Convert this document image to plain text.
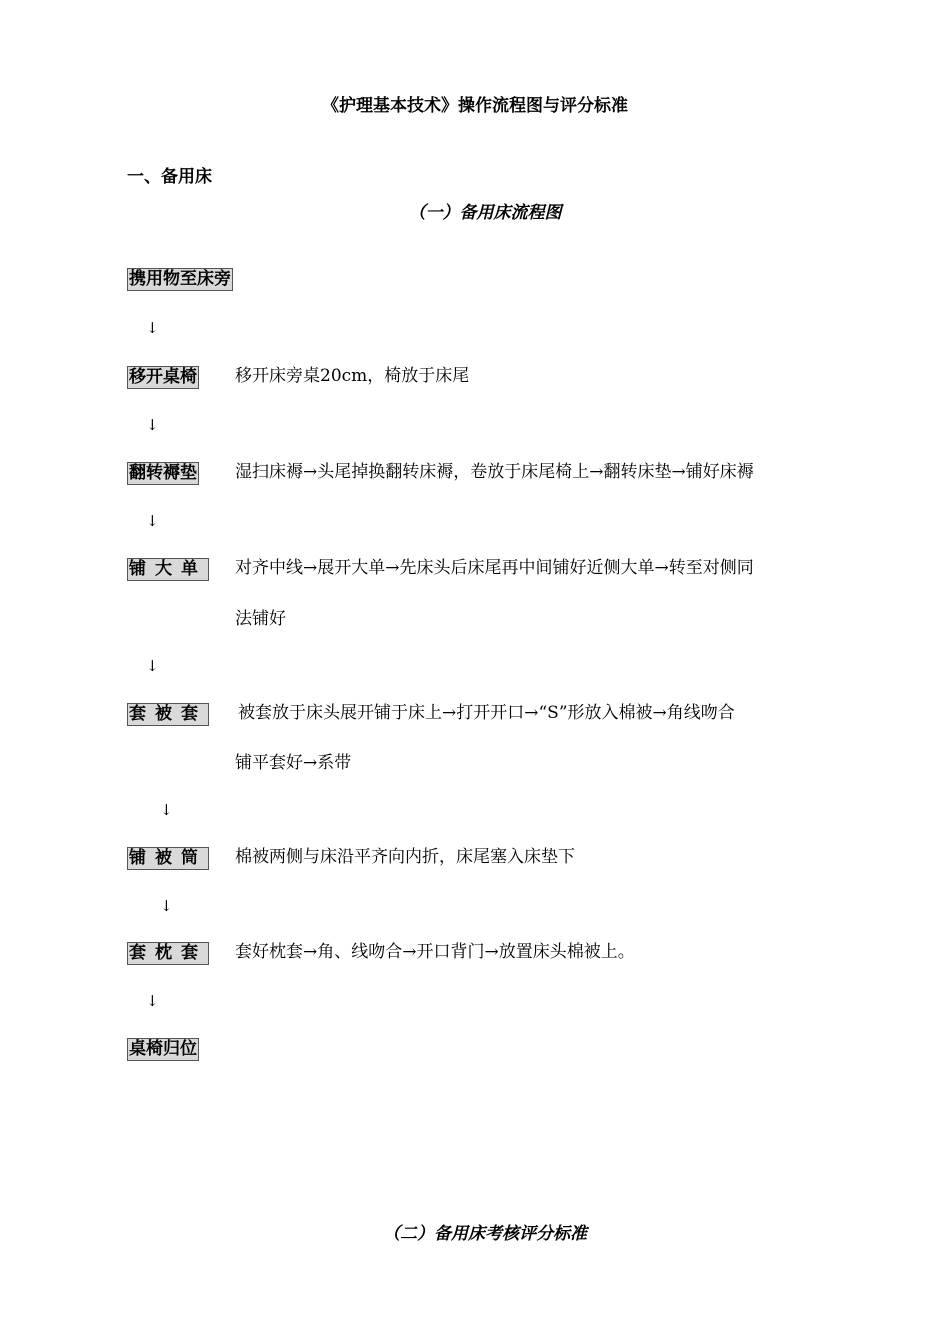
《护理基本技术》操作流程图与评分标准
一、备用床
（一）备用床流程图
携用物至床旁
↓
移开桌椅 移开床旁桌20cm，椅放于床尾
↓
翻转褥垫 湿扫床褥→头尾掉换翻转床褥，卷放于床尾椅上→翻转床垫→铺好床褥
↓
铺大单 对齐中线→展开大单→先床头后床尾再中间铺好近侧大单→转至对侧同
法铺好
↓
套被套 被套放于床头展开铺于床上→打开开口→“S”形放入棉被→角线吻合
铺平套好→系带
↓
铺被筒 棉被两侧与床沿平齐向内折，床尾塞入床垫下
↓
套枕套 套好枕套→角、线吻合→开口背门→放置床头棉被上。
↓
桌椅归位
（二）备用床考核评分标准
